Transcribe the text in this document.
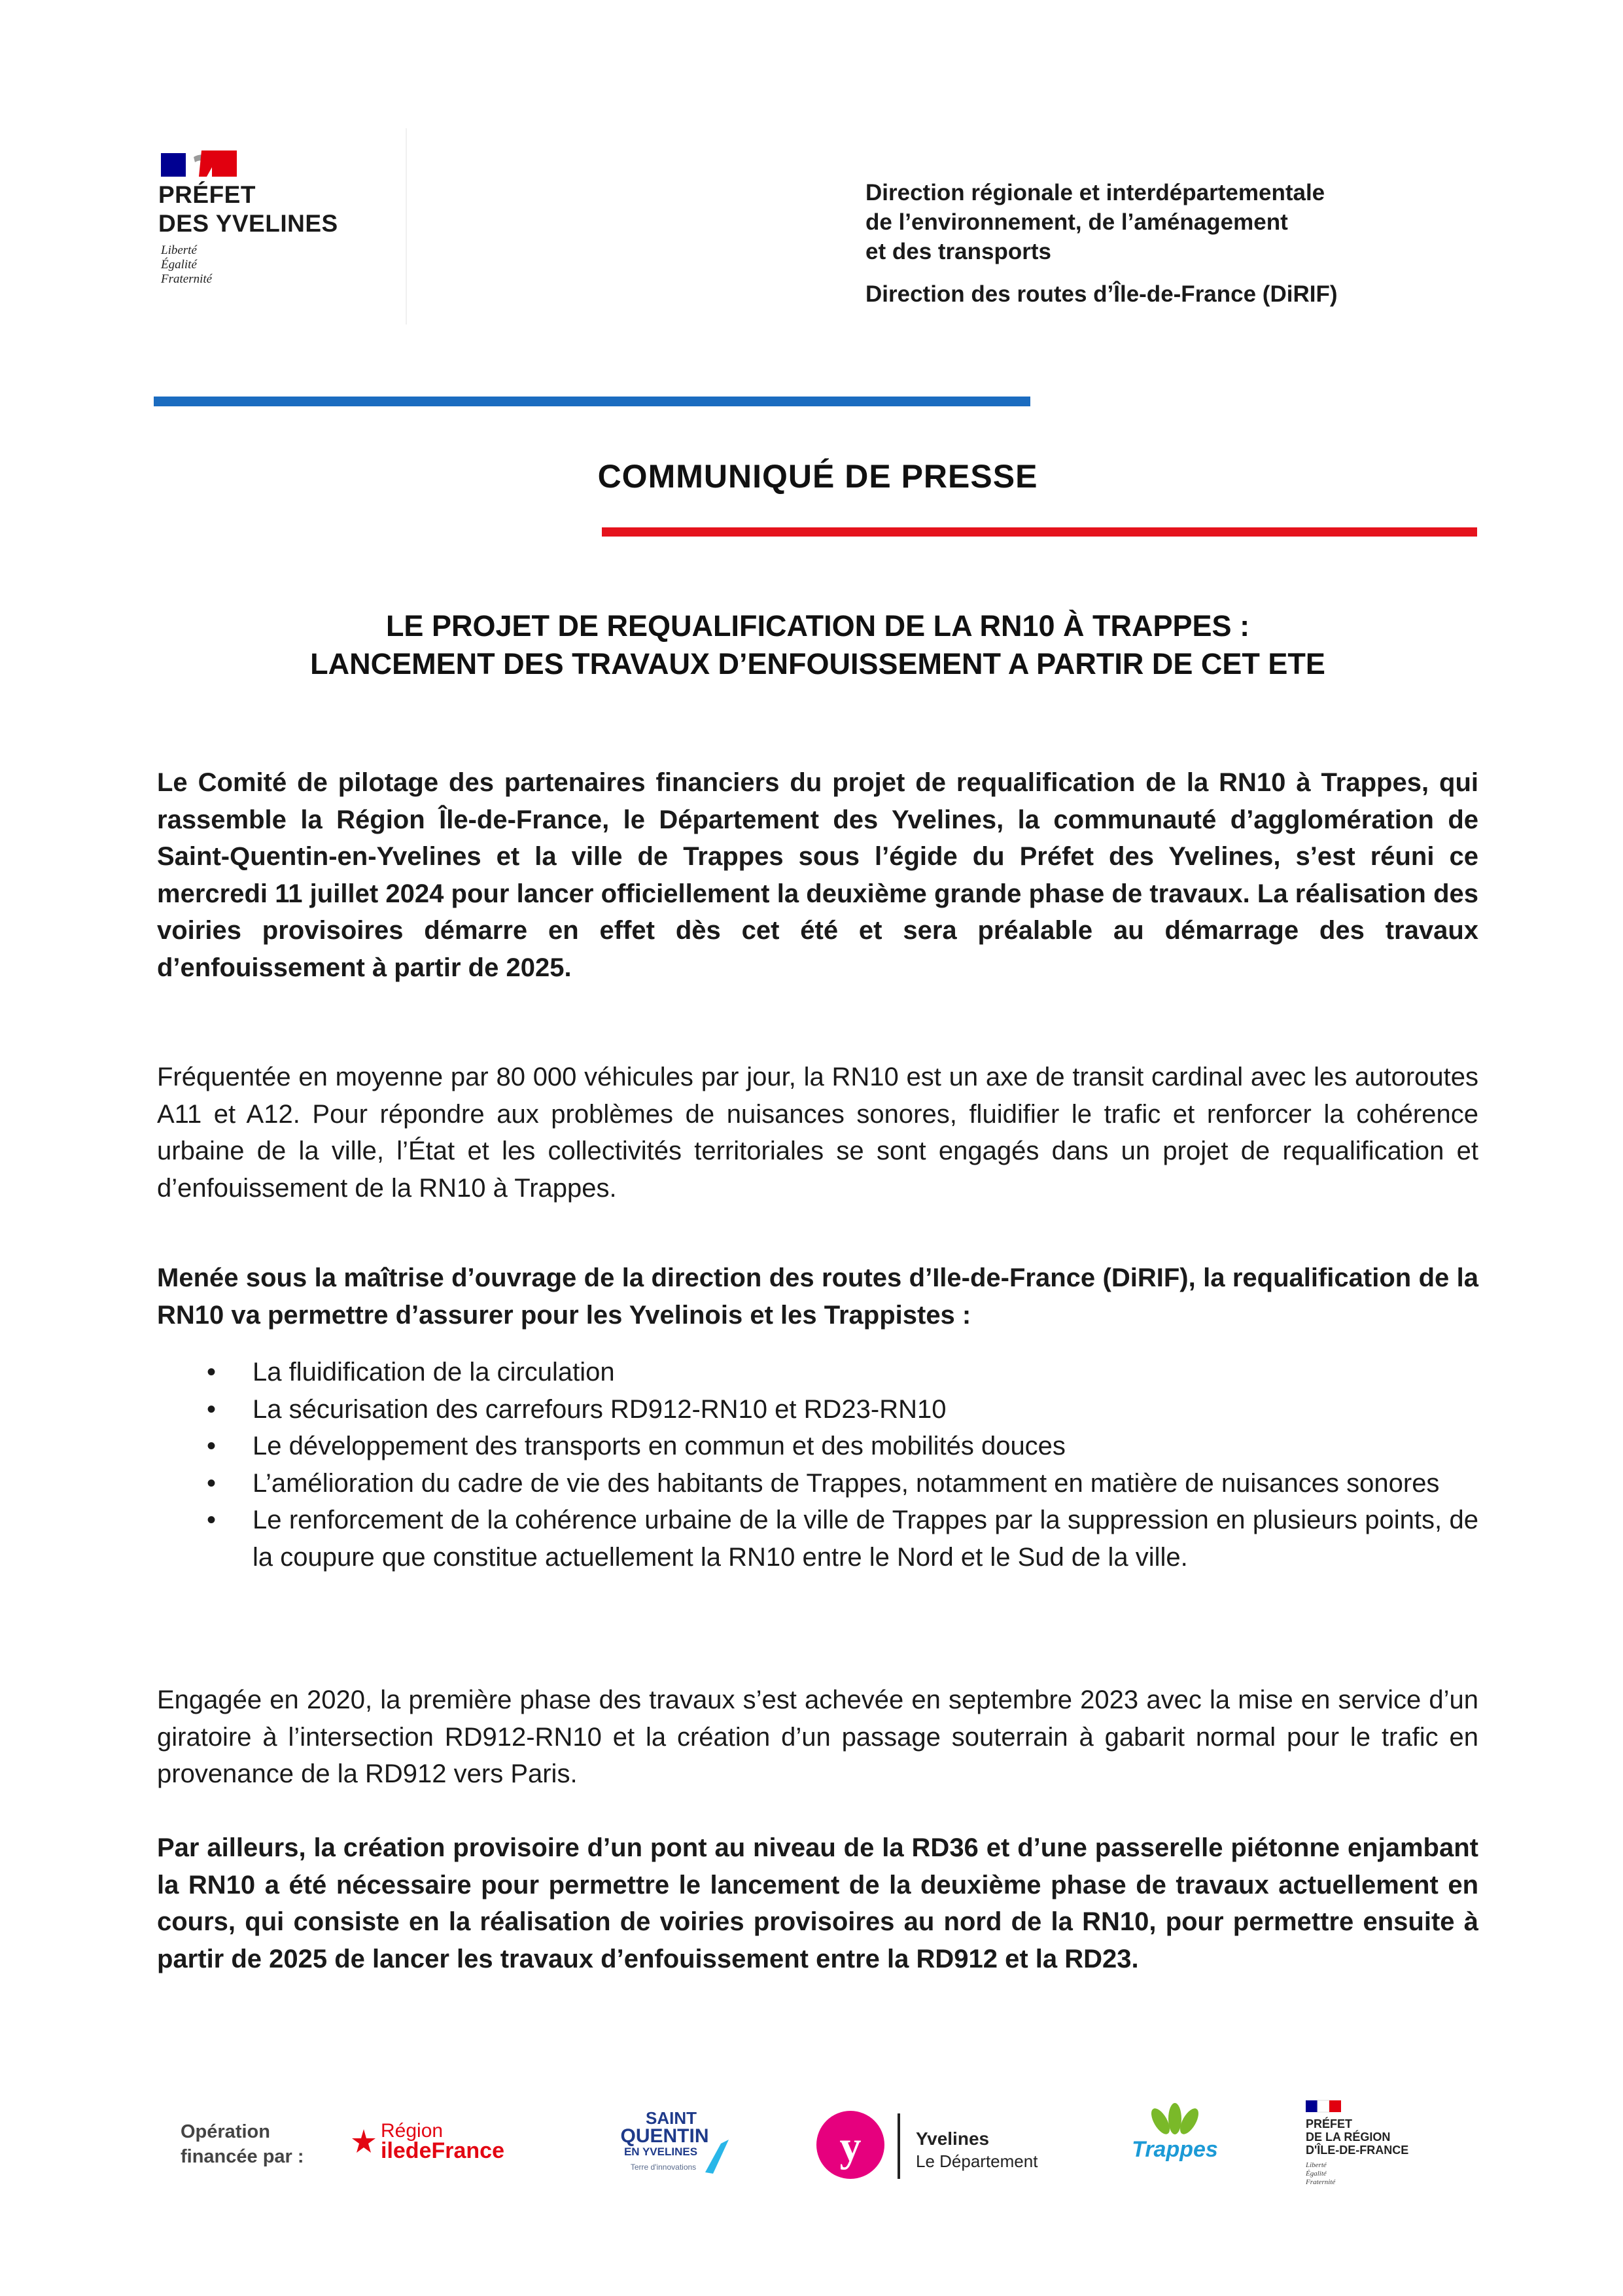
PRÉFET
DES YVELINES
Liberté
Égalité
Fraternité
Direction régionale et interdépartementale
de l’environnement, de l’aménagement
et des transports
Direction des routes d’Île-de-France (DiRIF)
COMMUNIQUÉ DE PRESSE
LE PROJET DE REQUALIFICATION DE LA RN10 À TRAPPES :
LANCEMENT DES TRAVAUX D’ENFOUISSEMENT A PARTIR DE CET ETE
Le Comité de pilotage des partenaires financiers du projet de requalification de la RN10 à Trappes, qui rassemble la Région Île-de-France, le Département des Yvelines, la communauté d’agglomération de Saint-Quentin-en-Yvelines et la ville de Trappes sous l’égide du Préfet des Yvelines, s’est réuni ce mercredi 11 juillet 2024 pour lancer officiellement la deuxième grande phase de travaux. La réalisation des voiries provisoires démarre en effet dès cet été et sera préalable au démarrage des travaux d’enfouissement à partir de 2025.
Fréquentée en moyenne par 80 000 véhicules par jour, la RN10 est un axe de transit cardinal avec les autoroutes A11 et A12. Pour répondre aux problèmes de nuisances sonores, fluidifier le trafic et renforcer la cohérence urbaine de la ville, l’État et les collectivités territoriales se sont engagés dans un projet de requalification et d’enfouissement de la RN10 à Trappes.
Menée sous la maîtrise d’ouvrage de la direction des routes d’Ile-de-France (DiRIF), la requalification de la RN10 va permettre d’assurer pour les Yvelinois et les Trappistes :
• La fluidification de la circulation
• La sécurisation des carrefours RD912-RN10 et RD23-RN10
• Le développement des transports en commun et des mobilités douces
• L’amélioration du cadre de vie des habitants de Trappes, notamment en matière de nuisances sonores
• Le renforcement de la cohérence urbaine de la ville de Trappes par la suppression en plusieurs points, de la coupure que constitue actuellement la RN10 entre le Nord et le Sud de la ville.
Engagée en 2020, la première phase des travaux s’est achevée en septembre 2023 avec la mise en service d’un giratoire à l’intersection RD912-RN10 et la création d’un passage souterrain à gabarit normal pour le trafic en provenance de la RD912 vers Paris.
Par ailleurs, la création provisoire d’un pont au niveau de la RD36 et d’une passerelle piétonne enjambant la RN10 a été nécessaire pour permettre le lancement de la deuxième phase de travaux actuellement en cours, qui consiste en la réalisation de voiries provisoires au nord de la RN10, pour permettre ensuite à partir de 2025 de lancer les travaux d’enfouissement entre la RD912 et la RD23.
Opération
financée par :
Région
iledeFrance
SAINT
QUENTIN
EN YVELINES
Terre d'innovations	y	Yvelines
Le Département	Trappes
PRÉFET
DE LA RÉGION
D'ÎLE-DE-FRANCE
Liberté
Égalité
Fraternité
